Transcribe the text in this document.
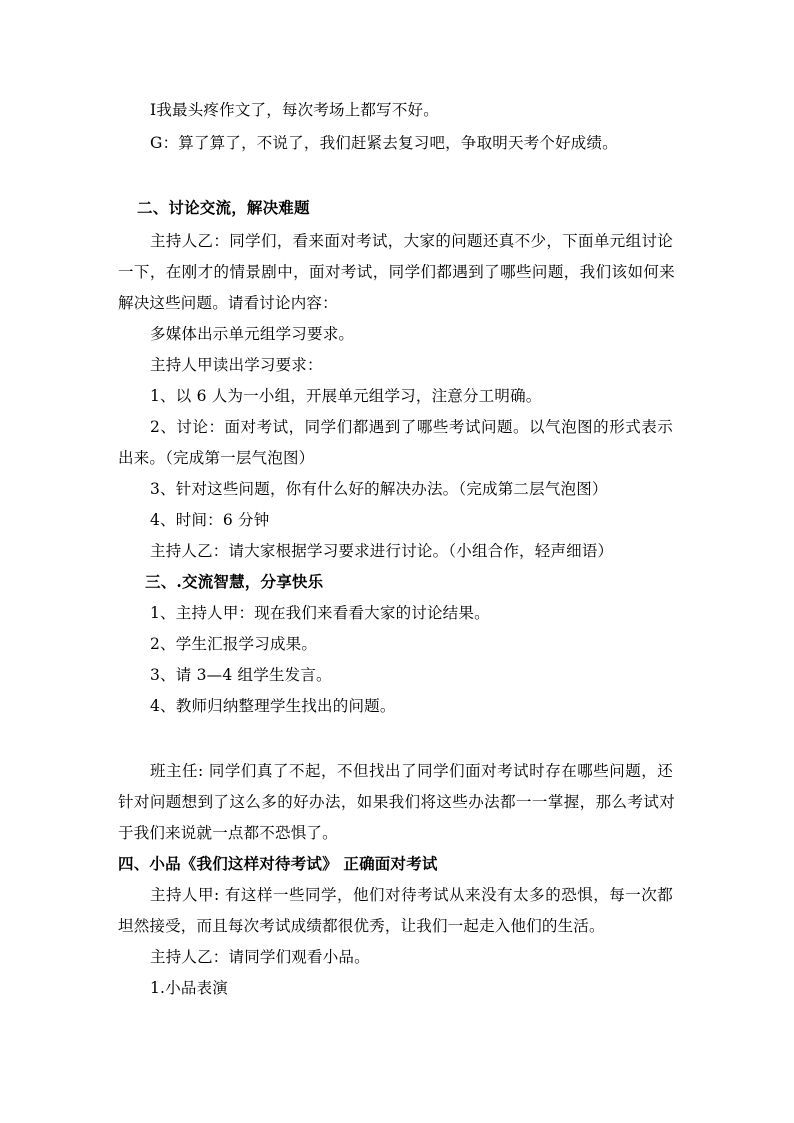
I我最头疼作文了，每次考场上都写不好。
G：算了算了，不说了，我们赶紧去复习吧，争取明天考个好成绩。
二、讨论交流，解决难题
主持人乙：同学们，看来面对考试，大家的问题还真不少，下面单元组讨论
一下，在刚才的情景剧中，面对考试，同学们都遇到了哪些问题，我们该如何来
解决这些问题。请看讨论内容：
多媒体出示单元组学习要求。
主持人甲读出学习要求：
1、以 6 人为一小组，开展单元组学习，注意分工明确。
2、讨论：面对考试，同学们都遇到了哪些考试问题。以气泡图的形式表示
出来。（完成第一层气泡图）
3、针对这些问题，你有什么好的解决办法。（完成第二层气泡图）
4、时间：6 分钟
主持人乙：请大家根据学习要求进行讨论。（小组合作，轻声细语）
三、.交流智慧，分享快乐
1、主持人甲：现在我们来看看大家的讨论结果。
2、学生汇报学习成果。
3、请 3—4 组学生发言。
4、教师归纳整理学生找出的问题。
班主任: 同学们真了不起，不但找出了同学们面对考试时存在哪些问题，还
针对问题想到了这么多的好办法，如果我们将这些办法都一一掌握，那么考试对
于我们来说就一点都不恐惧了。
四、小品《我们这样对待考试》 正确面对考试
主持人甲: 有这样一些同学，他们对待考试从来没有太多的恐惧，每一次都
坦然接受，而且每次考试成绩都很优秀，让我们一起走入他们的生活。
主持人乙：请同学们观看小品。
1.小品表演
